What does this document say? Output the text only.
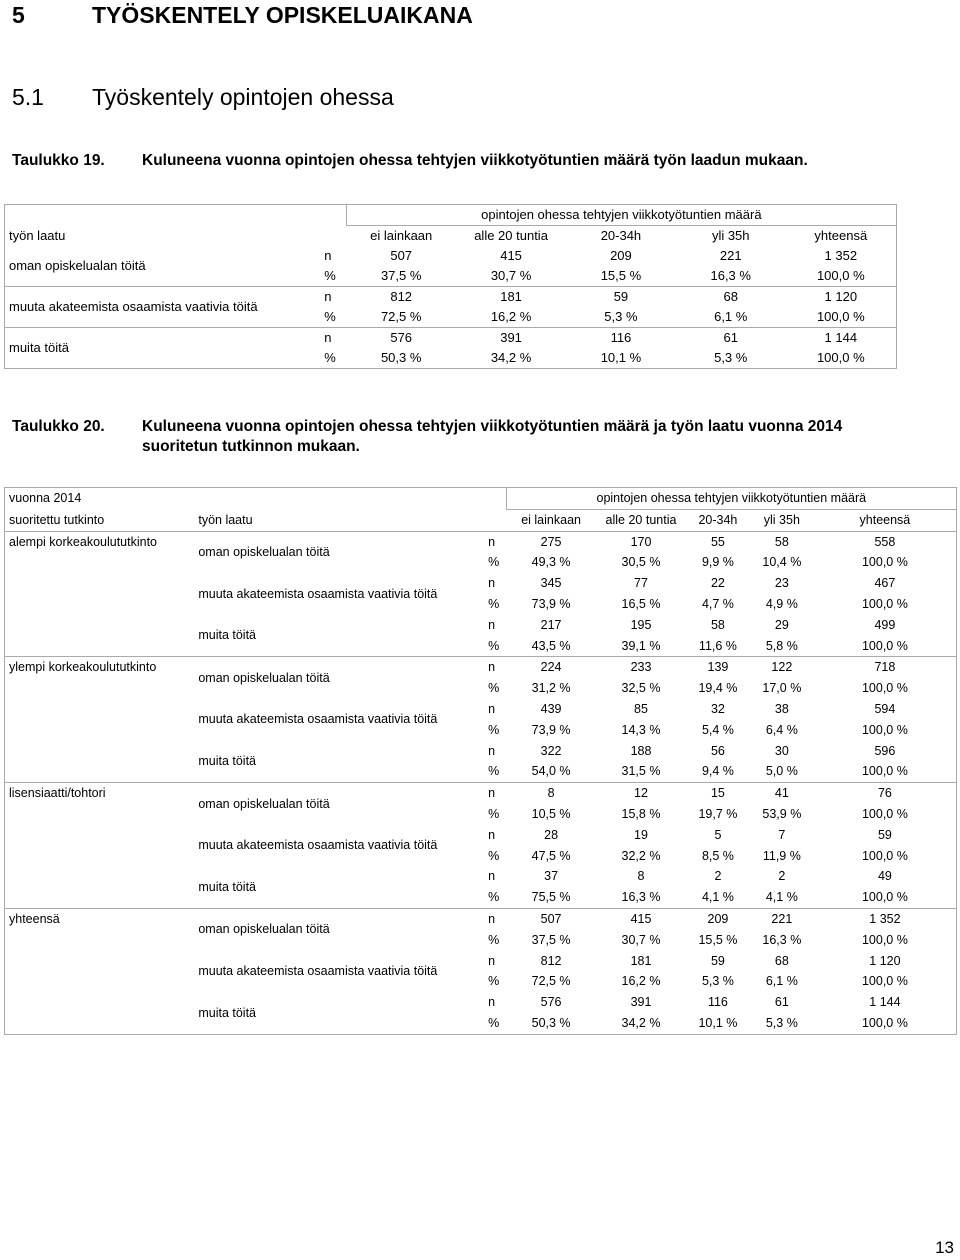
5	TYÖSKENTELY OPISKELUAIKANA
5.1 Työskentely opintojen ohessa
Taulukko 19. Kuluneena vuonna opintojen ohessa tehtyjen viikkotyötuntien määrä työn laadun mukaan.
		opintojen ohessa tehtyjen viikkotyötuntien määrä				
työn laatu		ei lainkaan	alle 20 tuntia	20-34h	yli 35h	yhteensä
oman opiskelualan töitä	n	507	415	209	221	1 352
	%	37,5 %	30,7 %	15,5 %	16,3 %	100,0 %
muuta akateemista osaamista vaativia töitä	n	812	181	59	68	1 120
	%	72,5 %	16,2 %	5,3 %	6,1 %	100,0 %
muita töitä	n	576	391	116	61	1 144
	%	50,3 %	34,2 %	10,1 %	5,3 %	100,0 %
Taulukko 20. Kuluneena vuonna opintojen ohessa tehtyjen viikkotyötuntien määrä ja työn laatu vuonna 2014
suoritetun tutkinnon mukaan.
vuonna 2014			opintojen ohessa tehtyjen viikkotyötuntien määrä				
suoritettu tutkinto	työn laatu		ei lainkaan	alle 20 tuntia	20-34h	yli 35h	yhteensä
alempi korkeakoulututkinto	oman opiskelualan töitä	n	275	170	55	58	558
		%	49,3 %	30,5 %	9,9 %	10,4 %	100,0 %
	muuta akateemista osaamista vaativia töitä	n	345	77	22	23	467
		%	73,9 %	16,5 %	4,7 %	4,9 %	100,0 %
	muita töitä	n	217	195	58	29	499
		%	43,5 %	39,1 %	11,6 %	5,8 %	100,0 %
ylempi korkeakoulututkinto	oman opiskelualan töitä	n	224	233	139	122	718
		%	31,2 %	32,5 %	19,4 %	17,0 %	100,0 %
	muuta akateemista osaamista vaativia töitä	n	439	85	32	38	594
		%	73,9 %	14,3 %	5,4 %	6,4 %	100,0 %
	muita töitä	n	322	188	56	30	596
		%	54,0 %	31,5 %	9,4 %	5,0 %	100,0 %
lisensiaatti/tohtori	oman opiskelualan töitä	n	8	12	15	41	76
		%	10,5 %	15,8 %	19,7 %	53,9 %	100,0 %
	muuta akateemista osaamista vaativia töitä	n	28	19	5	7	59
		%	47,5 %	32,2 %	8,5 %	11,9 %	100,0 %
	muita töitä	n	37	8	2	2	49
		%	75,5 %	16,3 %	4,1 %	4,1 %	100,0 %
yhteensä	oman opiskelualan töitä	n	507	415	209	221	1 352
		%	37,5 %	30,7 %	15,5 %	16,3 %	100,0 %
	muuta akateemista osaamista vaativia töitä	n	812	181	59	68	1 120
		%	72,5 %	16,2 %	5,3 %	6,1 %	100,0 %
	muita töitä	n	576	391	116	61	1 144
		%	50,3 %	34,2 %	10,1 %	5,3 %	100,0 %
13
